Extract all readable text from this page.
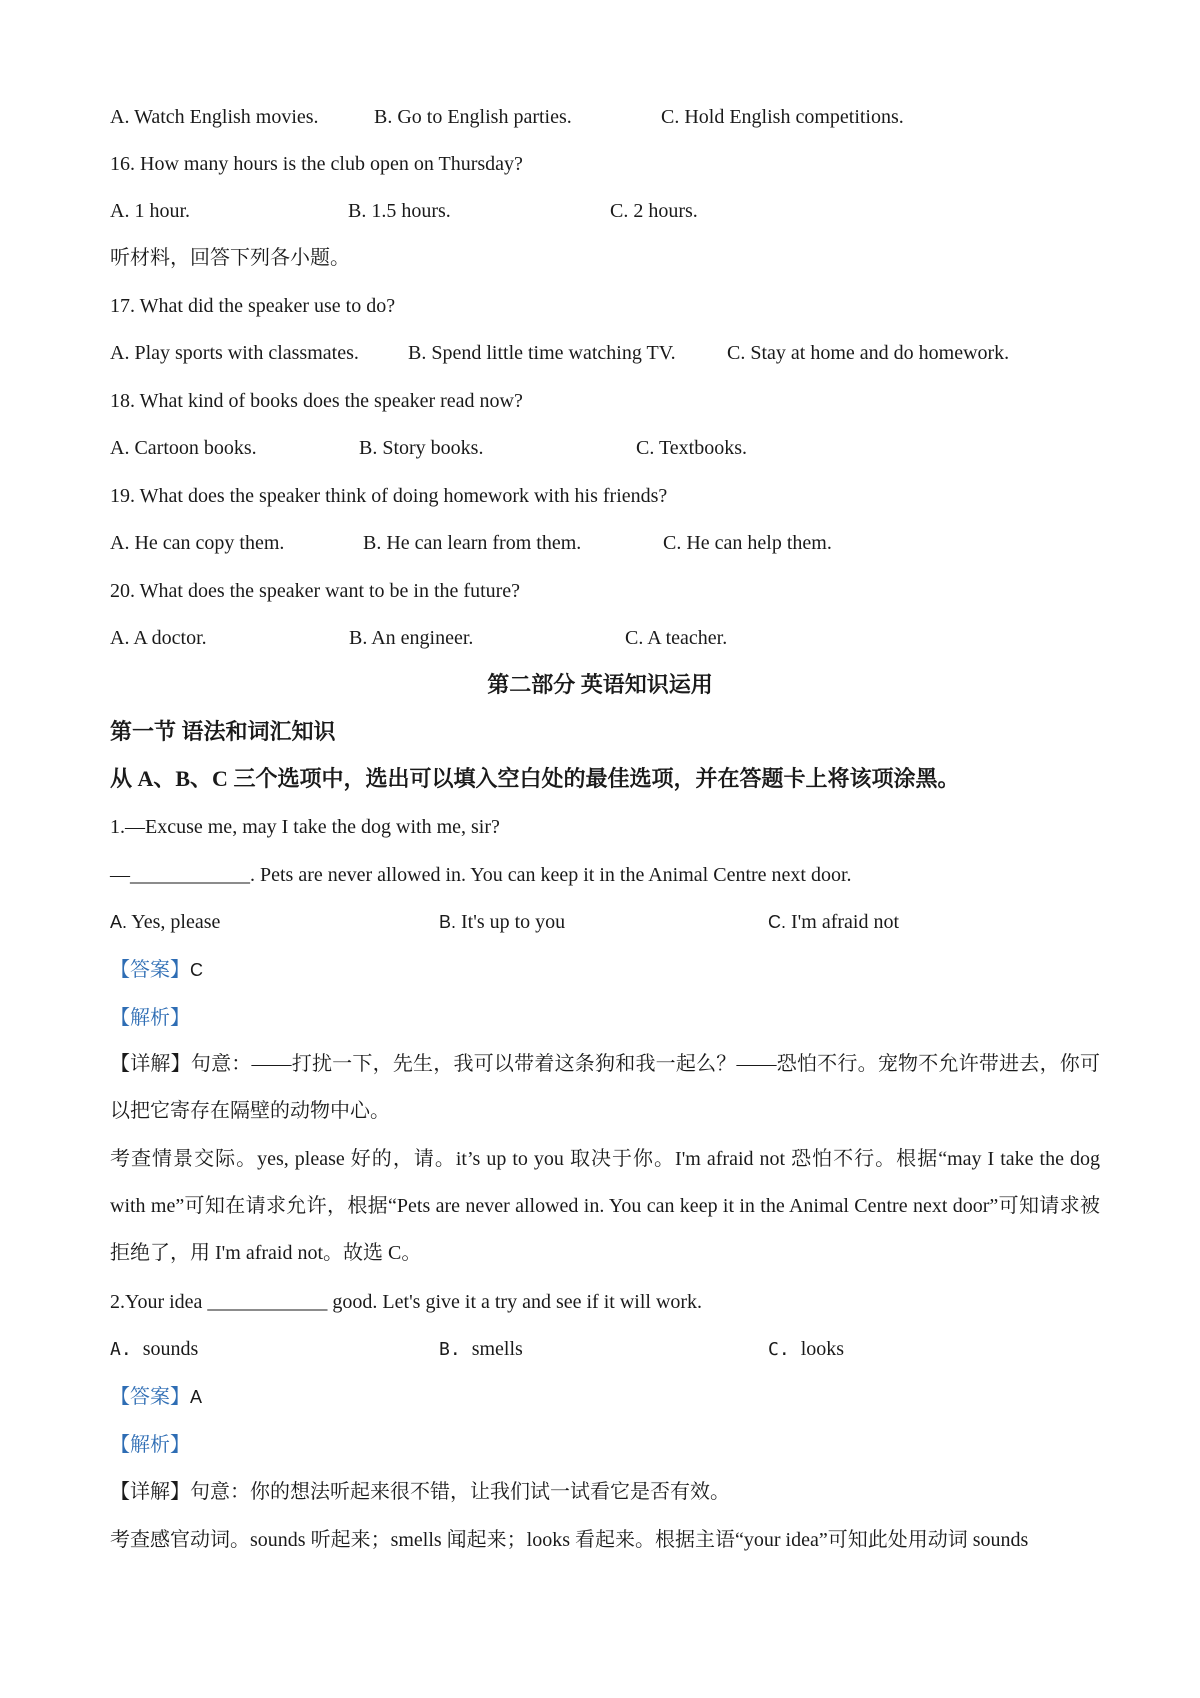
A. Watch English movies.	B. Go to English parties.	C. Hold English competitions.
16. How many hours is the club open on Thursday?
A. 1 hour.	B. 1.5 hours.	C. 2 hours.
听材料，回答下列各小题。
17. What did the speaker use to do?
A. Play sports with classmates. B. Spend little time watching TV.	C. Stay at home and do homework.
18. What kind of books does the speaker read now?
A. Cartoon books.	B. Story books.	C. Textbooks.
19. What does the speaker think of doing homework with his friends?
A. He can copy them.	B. He can learn from them.	C. He can help them.
20. What does the speaker want to be in the future?
A. A doctor.	B. An engineer.	C. A teacher.
第二部分 英语知识运用
第一节 语法和词汇知识
从 A、B、C 三个选项中，选出可以填入空白处的最佳选项，并在答题卡上将该项涂黑。
1.—Excuse me, may I take the dog with me, sir?
—____________. Pets are never allowed in. You can keep it in the Animal Centre next door.
A. Yes, please	B. It's up to you	C. I'm afraid not
【答案】C
【解析】
【详解】句意：——打扰一下，先生，我可以带着这条狗和我一起么？——恐怕不行。宠物不允许带进去，你可以把它寄存在隔壁的动物中心。
考查情景交际。yes, please 好的，请。it’s up to you 取决于你。I'm afraid not 恐怕不行。根据“may I take the dog with me”可知在请求允许，根据“Pets are never allowed in. You can keep it in the Animal Centre next door”可知请求被拒绝了，用 I'm afraid not。故选 C。
2.Your idea ____________ good. Let's give it a try and see if it will work.
A. sounds	B. smells	C. looks
【答案】A
【解析】
【详解】句意：你的想法听起来很不错，让我们试一试看它是否有效。
考查感官动词。sounds 听起来；smells 闻起来；looks 看起来。根据主语“your idea”可知此处用动词 sounds
